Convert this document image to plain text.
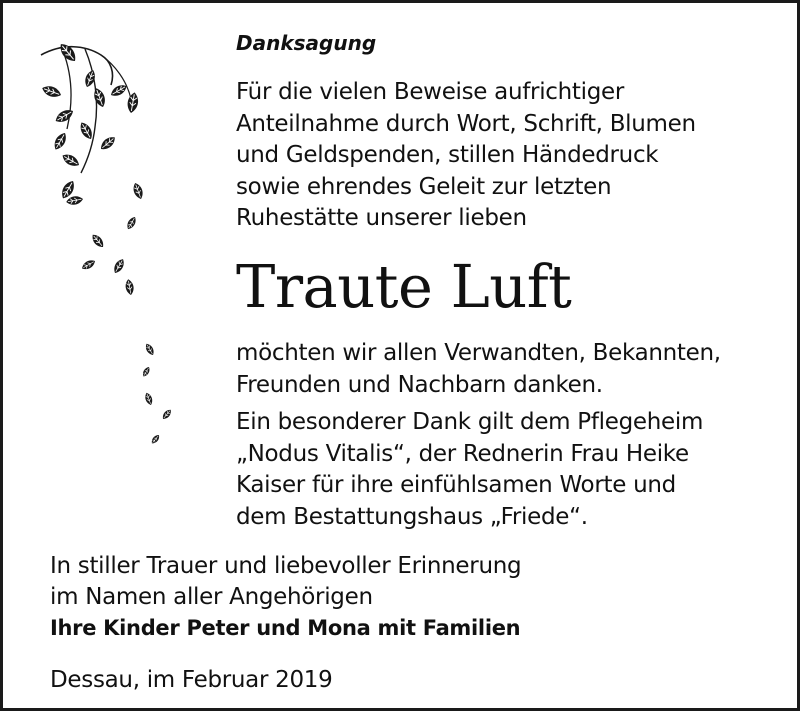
Danksagung
Für die vielen Beweise aufrichtiger
Anteilnahme durch Wort, Schrift, Blumen
und Geldspenden, stillen Händedruck
sowie ehrendes Geleit zur letzten
Ruhestätte unserer lieben
Traute Luft
möchten wir allen Verwandten, Bekannten,
Freunden und Nachbarn danken.
Ein besonderer Dank gilt dem Pflegeheim
„Nodus Vitalis“, der Rednerin Frau Heike
Kaiser für ihre einfühlsamen Worte und
dem Bestattungshaus „Friede“.
In stiller Trauer und liebevoller Erinnerung
im Namen aller Angehörigen
Ihre Kinder Peter und Mona mit Familien
Dessau, im Februar 2019
